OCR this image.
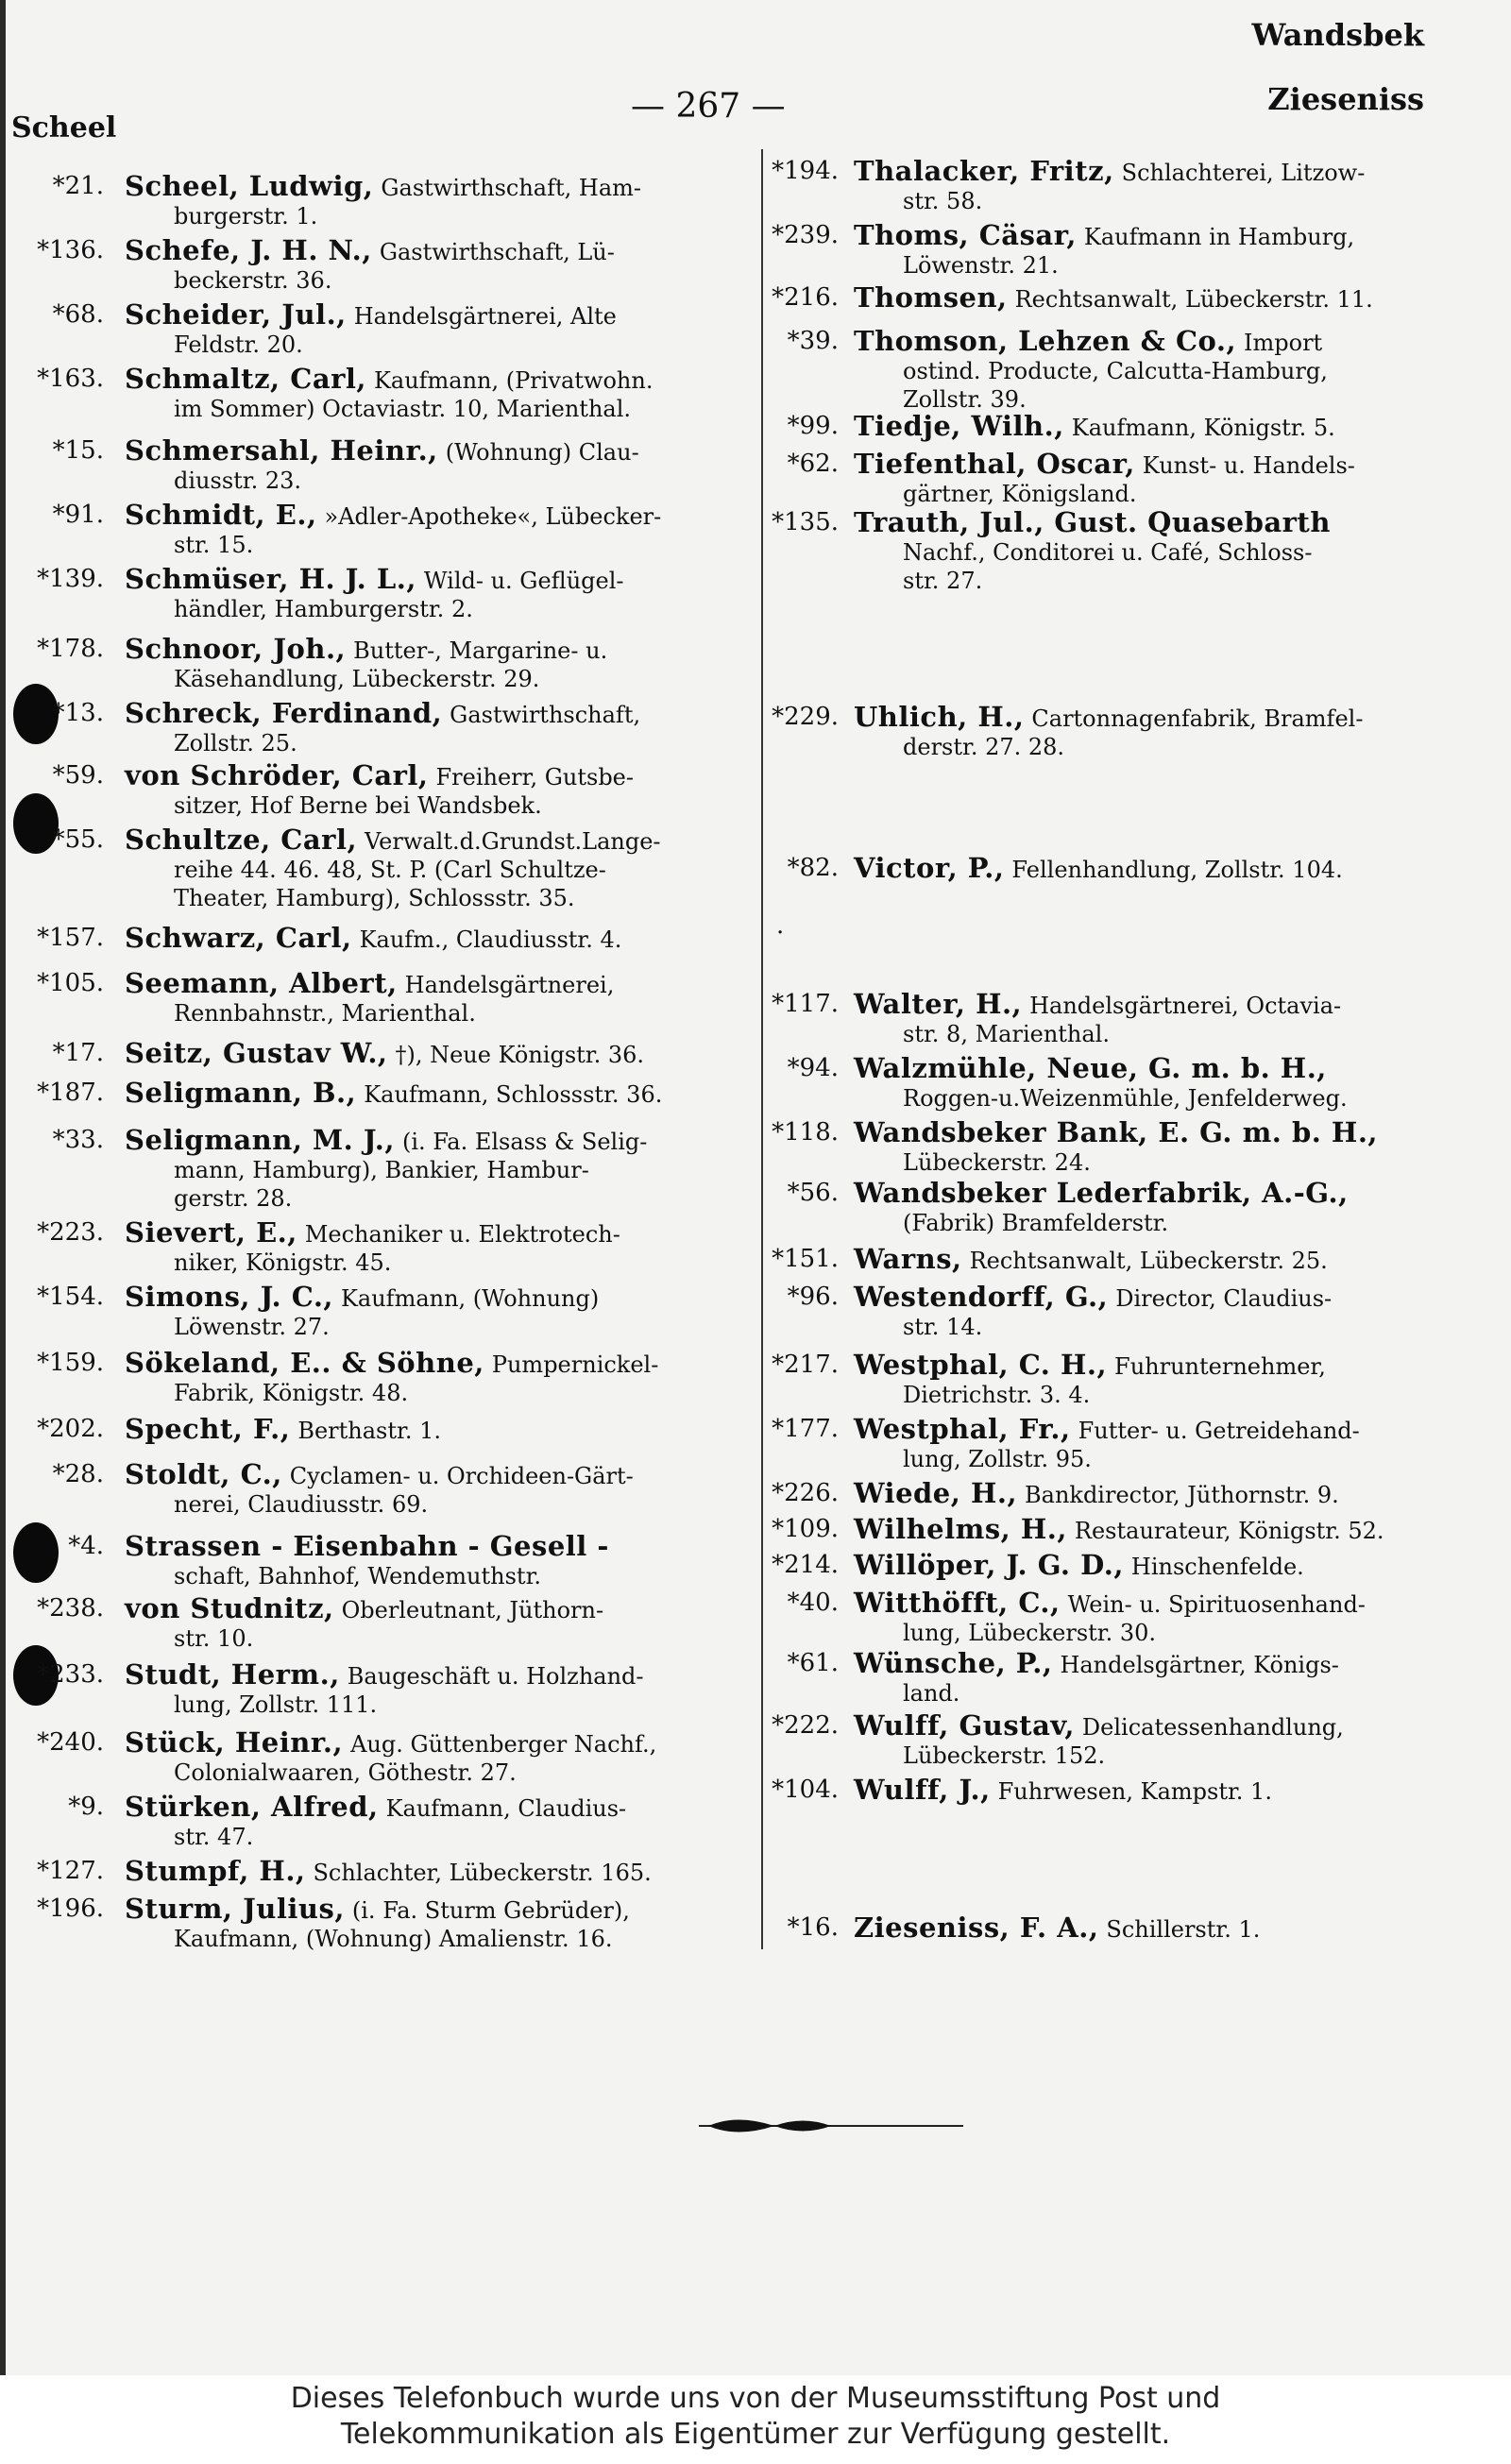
Scheel
— 267 —
Wandsbek
Zieseniss
*21. Scheel, Ludwig, Gastwirthschaft, Ham-
burgerstr. 1.
*136. Schefe, J. H. N., Gastwirthschaft, Lü-
beckerstr. 36.
*68. Scheider, Jul., Handelsgärtnerei, Alte
Feldstr. 20.
*163. Schmaltz, Carl, Kaufmann, (Privatwohn.
im Sommer) Octaviastr. 10, Marienthal.
*15. Schmersahl, Heinr., (Wohnung) Clau-
diusstr. 23.
*91. Schmidt, E., »Adler-Apotheke«, Lübecker-
str. 15.
*139. Schmüser, H. J. L., Wild- u. Geflügel-
händler, Hamburgerstr. 2.
*178. Schnoor, Joh., Butter-, Margarine- u.
Käsehandlung, Lübeckerstr. 29.
*13. Schreck, Ferdinand, Gastwirthschaft,
Zollstr. 25.
*59. von Schröder, Carl, Freiherr, Gutsbe-
sitzer, Hof Berne bei Wandsbek.
*55. Schultze, Carl, Verwalt.d.Grundst.Lange-
reihe 44. 46. 48, St. P. (Carl Schultze-
Theater, Hamburg), Schlossstr. 35.
*157. Schwarz, Carl, Kaufm., Claudiusstr. 4.
*105. Seemann, Albert, Handelsgärtnerei,
Rennbahnstr., Marienthal.
*17. Seitz, Gustav W., †), Neue Königstr. 36.
*187. Seligmann, B., Kaufmann, Schlossstr. 36.
*33. Seligmann, M. J., (i. Fa. Elsass & Selig-
mann, Hamburg), Bankier, Hambur-
gerstr. 28.
*223. Sievert, E., Mechaniker u. Elektrotech-
niker, Königstr. 45.
*154. Simons, J. C., Kaufmann, (Wohnung)
Löwenstr. 27.
*159. Sökeland, E.. & Söhne, Pumpernickel-
Fabrik, Königstr. 48.
*202. Specht, F., Berthastr. 1.
*28. Stoldt, C., Cyclamen- u. Orchideen-Gärt-
nerei, Claudiusstr. 69.
*4. Strassen - Eisenbahn - Gesell -
schaft, Bahnhof, Wendemuthstr.
*238. von Studnitz, Oberleutnant, Jüthorn-
str. 10.
*233. Studt, Herm., Baugeschäft u. Holzhand-
lung, Zollstr. 111.
*240. Stück, Heinr., Aug. Güttenberger Nachf.,
Colonialwaaren, Göthestr. 27.
*9. Stürken, Alfred, Kaufmann, Claudius-
str. 47.
*127. Stumpf, H., Schlachter, Lübeckerstr. 165.
*196. Sturm, Julius, (i. Fa. Sturm Gebrüder),
Kaufmann, (Wohnung) Amalienstr. 16.
*194. Thalacker, Fritz, Schlachterei, Litzow-
str. 58.
*239. Thoms, Cäsar, Kaufmann in Hamburg,
Löwenstr. 21.
*216. Thomsen, Rechtsanwalt, Lübeckerstr. 11.
*39. Thomson, Lehzen & Co., Import
ostind. Producte, Calcutta-Hamburg,
Zollstr. 39.
*99. Tiedje, Wilh., Kaufmann, Königstr. 5.
*62. Tiefenthal, Oscar, Kunst- u. Handels-
gärtner, Königsland.
*135. Trauth, Jul., Gust. Quasebarth
Nachf., Conditorei u. Café, Schloss-
str. 27.
*229. Uhlich, H., Cartonnagenfabrik, Bramfel-
derstr. 27. 28.
*82. Victor, P., Fellenhandlung, Zollstr. 104.
*117. Walter, H., Handelsgärtnerei, Octavia-
str. 8, Marienthal.
*94. Walzmühle, Neue, G. m. b. H.,
Roggen-u.Weizenmühle, Jenfelderweg.
*118. Wandsbeker Bank, E. G. m. b. H.,
Lübeckerstr. 24.
*56. Wandsbeker Lederfabrik, A.-G.,
(Fabrik) Bramfelderstr.
*151. Warns, Rechtsanwalt, Lübeckerstr. 25.
*96. Westendorff, G., Director, Claudius-
str. 14.
*217. Westphal, C. H., Fuhrunternehmer,
Dietrichstr. 3. 4.
*177. Westphal, Fr., Futter- u. Getreidehand-
lung, Zollstr. 95.
*226. Wiede, H., Bankdirector, Jüthornstr. 9.
*109. Wilhelms, H., Restaurateur, Königstr. 52.
*214. Willöper, J. G. D., Hinschenfelde.
*40. Witthöfft, C., Wein- u. Spirituosenhand-
lung, Lübeckerstr. 30.
*61. Wünsche, P., Handelsgärtner, Königs-
land.
*222. Wulff, Gustav, Delicatessenhandlung,
Lübeckerstr. 152.
*104. Wulff, J., Fuhrwesen, Kampstr. 1.
*16. Zieseniss, F. A., Schillerstr. 1.
·
Dieses Telefonbuch wurde uns von der Museumsstiftung Post und
Telekommunikation als Eigentümer zur Verfügung gestellt.
